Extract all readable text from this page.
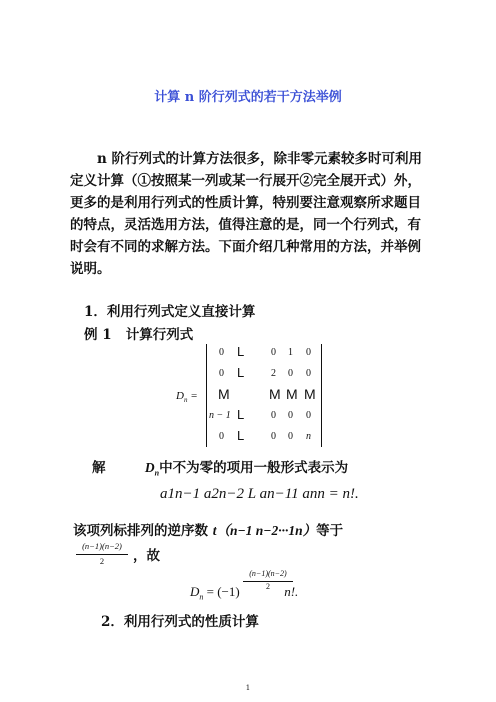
计算 n 阶行列式的若干方法举例
n 阶行列式的计算方法很多，除非零元素较多时可利用定义计算（①按照某一列或某一行展开②完全展开式）外，更多的是利用行列式的性质计算，特别要注意观察所求题目的特点，灵活选用方法，值得注意的是，同一个行列式，有时会有不同的求解方法。下面介绍几种常用的方法，并举例说明。
1．利用行列式定义直接计算
例 1 计算行列式
$D_n$ =
0 L	0 1 0
0 L	2 0 0
M	M M M
n − 1 L	0 0 0
0 L	0 0 n
解	$D_n$中不为零的项用一般形式表示为
a1n−1 a2n−2 L an−11 ann = n!.
该项列标排列的逆序数 t（n−1 n−2···1n）等于
(n−1)(n−2)
2	，故
$D_n = (-1)$	n!.
(n−1)(n−2)
2
2．利用行列式的性质计算
1
